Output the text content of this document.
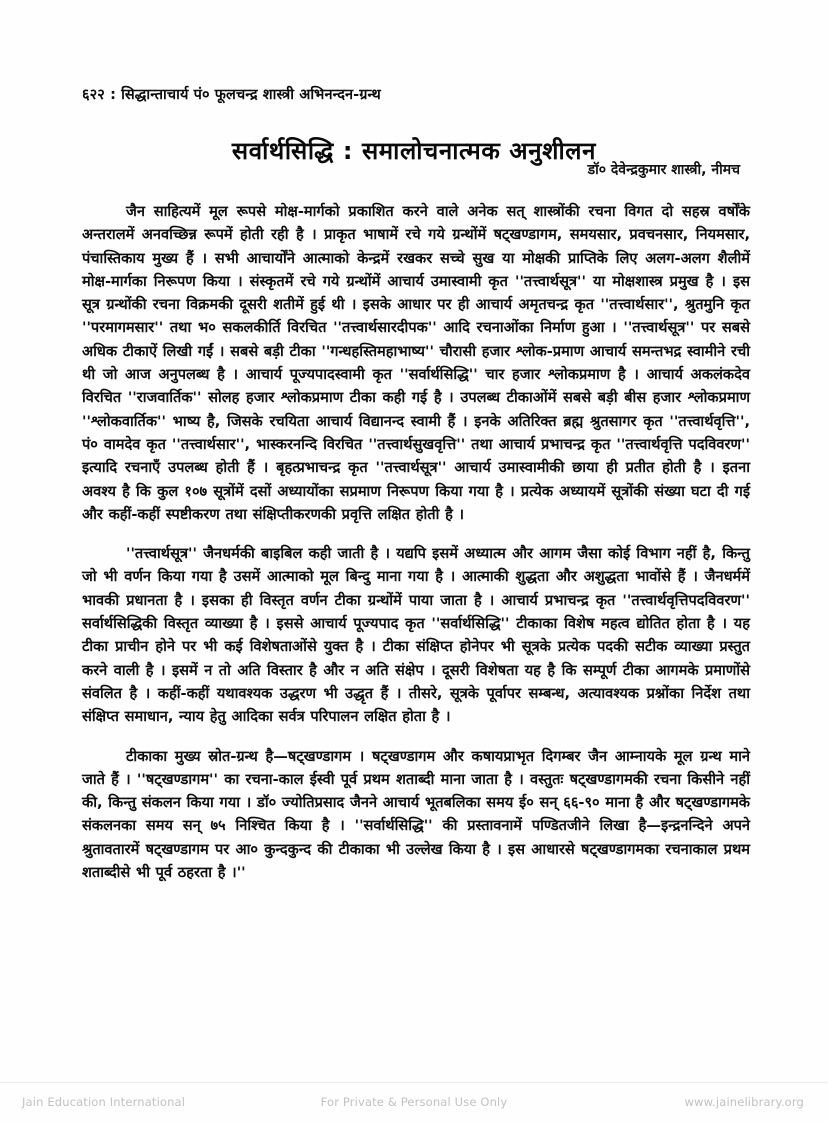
६२२ : सिद्धान्ताचार्य पं० फूलचन्द्र शास्त्री अभिनन्दन-ग्रन्थ
सर्वार्थसिद्धि : समालोचनात्मक अनुशीलन
डॉ० देवेन्द्रकुमार शास्त्री, नीमच

जैन साहित्यमें मूल रूपसे मोक्ष-मार्गको प्रकाशित करने वाले अनेक सत् शास्त्रोंकी रचना विगत दो सहस्र वर्षोंके अन्तरालमें अनवच्छिन्न रूपमें होती रही है । प्राकृत भाषामें रचे गये ग्रन्थोंमें षट्खण्डागम, समयसार, प्रवचनसार, नियमसार, पंचास्तिकाय मुख्य हैं । सभी आचार्योंने आत्माको केन्द्रमें रखकर सच्चे सुख या मोक्षकी प्राप्तिके लिए अलग-अलग शैलीमें मोक्ष-मार्गका निरूपण किया । संस्कृतमें रचे गये ग्रन्थोंमें आचार्य उमास्वामी कृत ''तत्त्वार्थसूत्र'' या मोक्षशास्त्र प्रमुख है । इस सूत्र ग्रन्थोंकी रचना विक्रमकी दूसरी शतीमें हुई थी । इसके आधार पर ही आचार्य अमृतचन्द्र कृत ''तत्त्वार्थसार'', श्रुतमुनि कृत ''परमागमसार'' तथा भ० सकलकीर्ति विरचित ''तत्त्वार्थसारदीपक'' आदि रचनाओंका निर्माण हुआ । ''तत्त्वार्थसूत्र'' पर सबसे अधिक टीकाऐं लिखी गईं । सबसे बड़ी टीका ''गन्धहस्तिमहाभाष्य'' चौरासी हजार श्लोक-प्रमाण आचार्य समन्तभद्र स्वामीने रची थी जो आज अनुपलब्ध है । आचार्य पूज्यपादस्वामी कृत ''सर्वार्थसिद्धि'' चार हजार श्लोकप्रमाण है । आचार्य अकलंकदेव विरचित ''राजवार्तिक'' सोलह हजार श्लोकप्रमाण टीका कही गई है । उपलब्ध टीकाओंमें सबसे बड़ी बीस हजार श्लोकप्रमाण ''श्लोकवार्तिक'' भाष्य है, जिसके रचयिता आचार्य विद्यानन्द स्वामी हैं । इनके अतिरिक्त ब्रह्म श्रुतसागर कृत ''तत्त्वार्थवृत्ति'', पं० वामदेव कृत ''तत्त्वार्थसार'', भास्करनन्दि विरचित ''तत्त्वार्थसुखवृत्ति'' तथा आचार्य प्रभाचन्द्र कृत ''तत्त्वार्थवृत्ति पदविवरण'' इत्यादि रचनाएँ उपलब्ध होती हैं । बृहत्प्रभाचन्द्र कृत ''तत्त्वार्थसूत्र'' आचार्य उमास्वामीकी छाया ही प्रतीत होती है । इतना अवश्य है कि कुल १०७ सूत्रोंमें दसों अध्यायोंका सप्रमाण निरूपण किया गया है । प्रत्येक अध्यायमें सूत्रोंकी संख्या घटा दी गई और कहीं-कहीं स्पष्टीकरण तथा संक्षिप्तीकरणकी प्रवृत्ति लक्षित होती है ।

''तत्त्वार्थसूत्र'' जैनधर्मकी बाइबिल कही जाती है । यद्यपि इसमें अध्यात्म और आगम जैसा कोई विभाग नहीं है, किन्तु जो भी वर्णन किया गया है उसमें आत्माको मूल बिन्दु माना गया है । आत्माकी शुद्धता और अशुद्धता भावोंसे हैं । जैनधर्ममें भावकी प्रधानता है । इसका ही विस्तृत वर्णन टीका ग्रन्थोंमें पाया जाता है । आचार्य प्रभाचन्द्र कृत ''तत्त्वार्थवृत्तिपदविवरण'' सर्वार्थसिद्धिकी विस्तृत व्याख्या है । इससे आचार्य पूज्यपाद कृत ''सर्वार्थसिद्धि'' टीकाका विशेष महत्व द्योतित होता है । यह टीका प्राचीन होने पर भी कई विशेषताओंसे युक्त है । टीका संक्षिप्त होनेपर भी सूत्रके प्रत्येक पदकी सटीक व्याख्या प्रस्तुत करने वाली है । इसमें न तो अति विस्तार है और न अति संक्षेप । दूसरी विशेषता यह है कि सम्पूर्ण टीका आगमके प्रमाणोंसे संवलित है । कहीं-कहीं यथावश्यक उद्धरण भी उद्धृत हैं । तीसरे, सूत्रके पूर्वापर सम्बन्ध, अत्यावश्यक प्रश्नोंका निर्देश तथा संक्षिप्त समाधान, न्याय हेतु आदिका सर्वत्र परिपालन लक्षित होता है ।

टीकाका मुख्य स्रोत-ग्रन्थ है—षट्खण्डागम । षट्खण्डागम और कषायप्राभृत दिगम्बर जैन आम्नायके मूल ग्रन्थ माने जाते हैं । ''षट्खण्डागम'' का रचना-काल ईस्वी पूर्व प्रथम शताब्दी माना जाता है । वस्तुतः षट्खण्डागमकी रचना किसीने नहीं की, किन्तु संकलन किया गया । डॉ० ज्योतिप्रसाद जैनने आचार्य भूतबलिका समय ई० सन् ६६-९० माना है और षट्खण्डागमके संकलनका समय सन् ७५ निश्चित किया है । ''सर्वार्थसिद्धि'' की प्रस्तावनामें पण्डितजीने लिखा है—इन्द्रनन्दिने अपने श्रुतावतारमें षट्खण्डागम पर आ० कुन्दकुन्द की टीकाका भी उल्लेख किया है । इस आधारसे षट्खण्डागमका रचनाकाल प्रथम शताब्दीसे भी पूर्व ठहरता है ।''

Jain Education International	For Private & Personal Use Only	www.jainelibrary.org
